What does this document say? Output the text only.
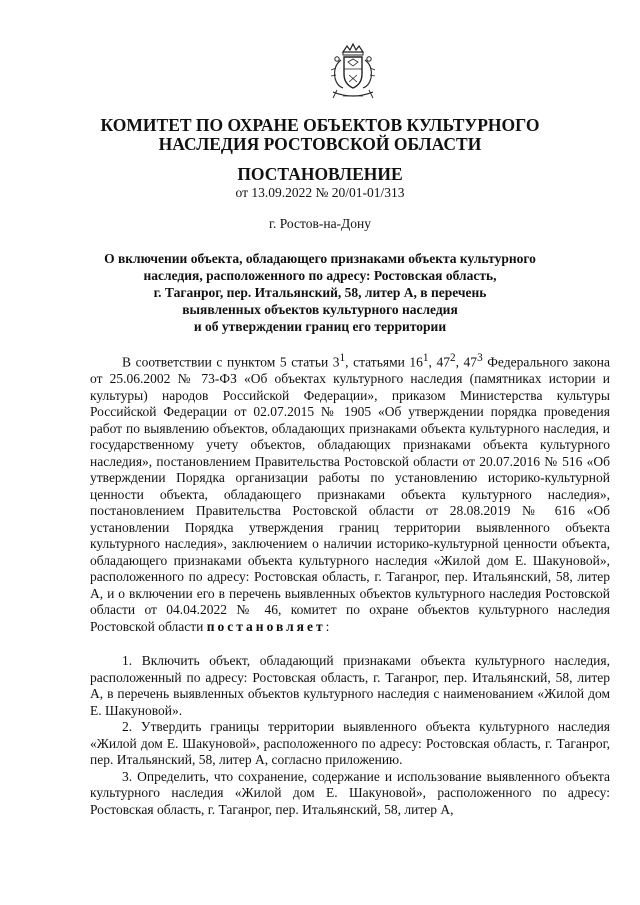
КОМИТЕТ ПО ОХРАНЕ ОБЪЕКТОВ КУЛЬТУРНОГО
НАСЛЕДИЯ РОСТОВСКОЙ ОБЛАСТИ
ПОСТАНОВЛЕНИЕ
от 13.09.2022 № 20/01-01/313
г. Ростов-на-Дону
О включении объекта, обладающего признаками объекта культурного
наследия, расположенного по адресу: Ростовская область,
г. Таганрог, пер. Итальянский, 58, литер А, в перечень
выявленных объектов культурного наследия
и об утверждении границ его территории

В соответствии с пунктом 5 статьи $3^1$, статьями $16^1$, $47^2$, $47^3$ Федерального закона от 25.06.2002 № 73-ФЗ «Об объектах культурного наследия (памятниках истории и культуры) народов Российской Федерации», приказом Министерства культуры Российской Федерации от 02.07.2015 № 1905 «Об утверждении порядка проведения работ по выявлению объектов, обладающих признаками объекта культурного наследия, и государственному учету объектов, обладающих признаками объекта культурного наследия», постановлением Правительства Ростовской области от 20.07.2016 № 516 «Об утверждении Порядка организации работы по установлению историко-культурной ценности объекта, обладающего признаками объекта культурного наследия», постановлением Правительства Ростовской области от 28.08.2019 № 616 «Об установлении Порядка утверждения границ территории выявленного объекта культурного наследия», заключением о наличии историко-культурной ценности объекта, обладающего признаками объекта культурного наследия «Жилой дом Е. Шакуновой», расположенного по адресу: Ростовская область, г. Таганрог, пер. Итальянский, 58, литер А, и о включении его в перечень выявленных объектов культурного наследия Ростовской области от 04.04.2022 № 46, комитет по охране объектов культурного наследия Ростовской области постановляет:

1. Включить объект, обладающий признаками объекта культурного наследия, расположенный по адресу: Ростовская область, г. Таганрог, пер. Итальянский, 58, литер А, в перечень выявленных объектов культурного наследия с наименованием «Жилой дом Е. Шакуновой».

2. Утвердить границы территории выявленного объекта культурного наследия «Жилой дом Е. Шакуновой», расположенного по адресу: Ростовская область, г. Таганрог, пер. Итальянский, 58, литер А, согласно приложению.

3. Определить, что сохранение, содержание и использование выявленного объекта культурного наследия «Жилой дом Е. Шакуновой», расположенного по адресу: Ростовская область, г. Таганрог, пер. Итальянский, 58, литер А,
